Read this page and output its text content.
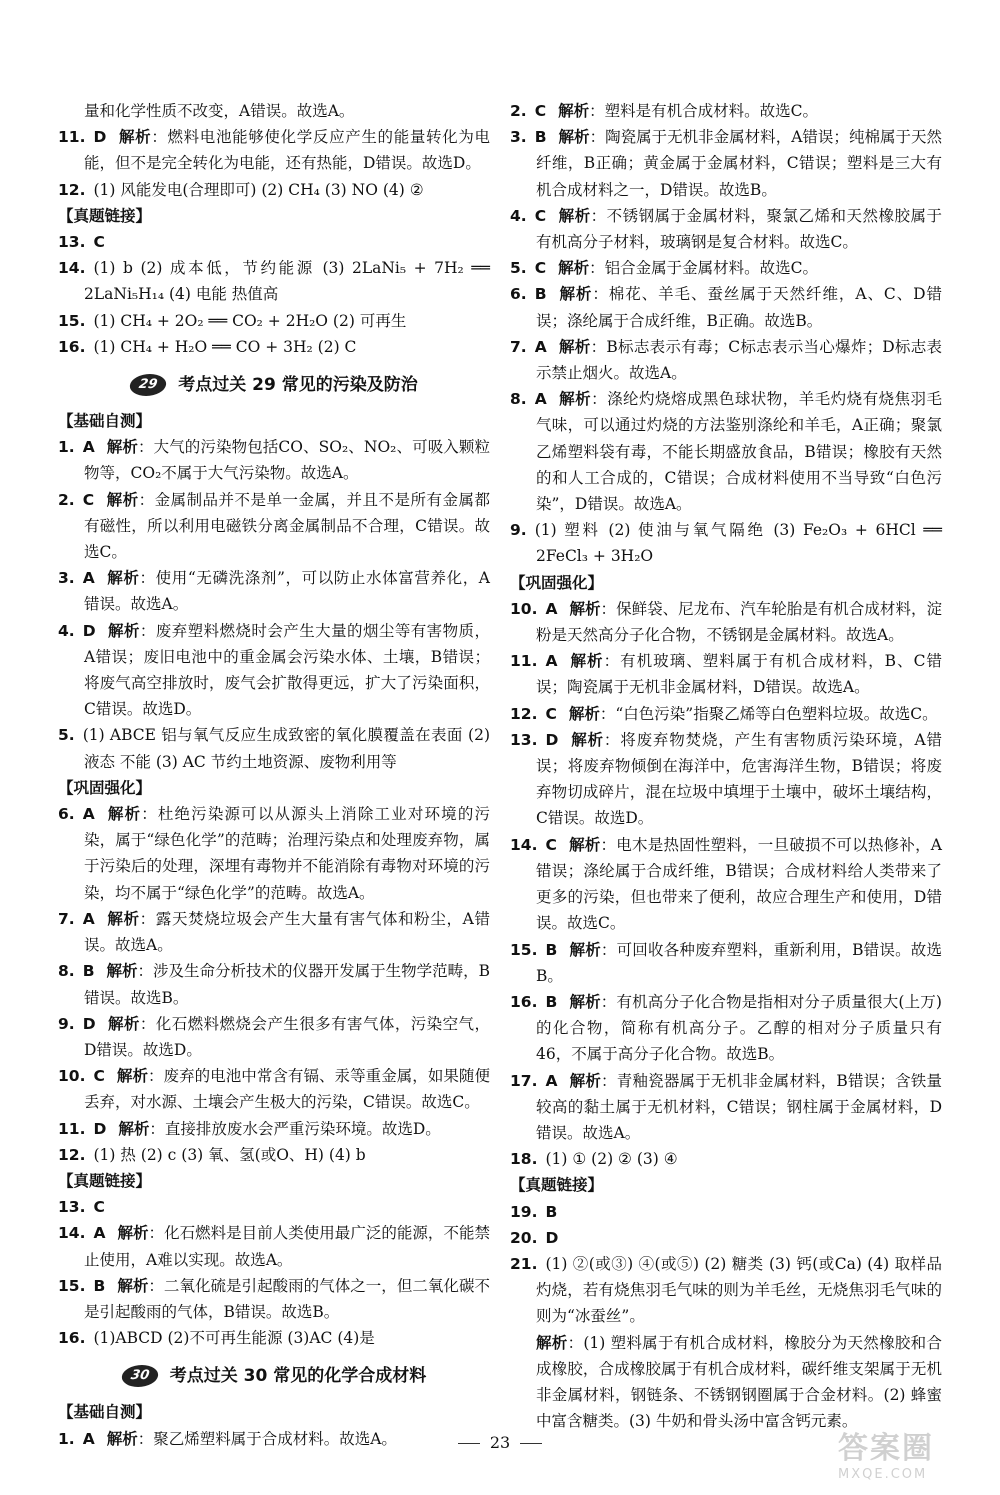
量和化学性质不改变，A错误。故选A。

11. D 解析：燃料电池能够使化学反应产生的能量转化为电能，但不是完全转化为电能，还有热能，D错误。故选D。

12. (1) 风能发电(合理即可) (2) CH₄ (3) NO (4) ②

【真题链接】

13. C

14. (1) b (2) 成本低，节约能源 (3) 2LaNi₅ + 7H₂ ══ 2LaNi₅H₁₄ (4) 电能 热值高

15. (1) CH₄ + 2O₂ ══ CO₂ + 2H₂O (2) 可再生

16. (1) CH₄ + H₂O ══ CO + 3H₂ (2) C

29	考点过关 29 常见的污染及防治

【基础自测】

1. A 解析：大气的污染物包括CO、SO₂、NO₂、可吸入颗粒物等，CO₂不属于大气污染物。故选A。

2. C 解析：金属制品并不是单一金属，并且不是所有金属都有磁性，所以利用电磁铁分离金属制品不合理，C错误。故选C。

3. A 解析：使用“无磷洗涤剂”，可以防止水体富营养化，A错误。故选A。

4. D 解析：废弃塑料燃烧时会产生大量的烟尘等有害物质，A错误；废旧电池中的重金属会污染水体、土壤，B错误；将废气高空排放时，废气会扩散得更远，扩大了污染面积，C错误。故选D。

5. (1) ABCE 铝与氧气反应生成致密的氧化膜覆盖在表面 (2) 液态 不能 (3) AC 节约土地资源、废物利用等

【巩固强化】

6. A 解析：杜绝污染源可以从源头上消除工业对环境的污染，属于“绿色化学”的范畴；治理污染点和处理废弃物，属于污染后的处理，深埋有毒物并不能消除有毒物对环境的污染，均不属于“绿色化学”的范畴。故选A。

7. A 解析：露天焚烧垃圾会产生大量有害气体和粉尘，A错误。故选A。

8. B 解析：涉及生命分析技术的仪器开发属于生物学范畴，B错误。故选B。

9. D 解析：化石燃料燃烧会产生很多有害气体，污染空气，D错误。故选D。

10. C 解析：废弃的电池中常含有镉、汞等重金属，如果随便丢弃，对水源、土壤会产生极大的污染，C错误。故选C。

11. D 解析：直接排放废水会严重污染环境。故选D。

12. (1) 热 (2) c (3) 氧、氢(或O、H) (4) b

【真题链接】

13. C

14. A 解析：化石燃料是目前人类使用最广泛的能源，不能禁止使用，A难以实现。故选A。

15. B 解析：二氧化硫是引起酸雨的气体之一，但二氧化碳不是引起酸雨的气体，B错误。故选B。

16. (1)ABCD (2)不可再生能源 (3)AC (4)是

30	考点过关 30 常见的化学合成材料

【基础自测】

1. A 解析：聚乙烯塑料属于合成材料。故选A。

2. C 解析：塑料是有机合成材料。故选C。

3. B 解析：陶瓷属于无机非金属材料，A错误；纯棉属于天然纤维，B正确；黄金属于金属材料，C错误；塑料是三大有机合成材料之一，D错误。故选B。

4. C 解析：不锈钢属于金属材料，聚氯乙烯和天然橡胶属于有机高分子材料，玻璃钢是复合材料。故选C。

5. C 解析：铝合金属于金属材料。故选C。

6. B 解析：棉花、羊毛、蚕丝属于天然纤维，A、C、D错误；涤纶属于合成纤维，B正确。故选B。

7. A 解析：B标志表示有毒；C标志表示当心爆炸；D标志表示禁止烟火。故选A。

8. A 解析：涤纶灼烧熔成黑色球状物，羊毛灼烧有烧焦羽毛气味，可以通过灼烧的方法鉴别涤纶和羊毛，A正确；聚氯乙烯塑料袋有毒，不能长期盛放食品，B错误；橡胶有天然的和人工合成的，C错误；合成材料使用不当导致“白色污染”，D错误。故选A。

9. (1) 塑料 (2) 使油与氧气隔绝 (3) Fe₂O₃ + 6HCl ══ 2FeCl₃ + 3H₂O

【巩固强化】

10. A 解析：保鲜袋、尼龙布、汽车轮胎是有机合成材料，淀粉是天然高分子化合物，不锈钢是金属材料。故选A。

11. A 解析：有机玻璃、塑料属于有机合成材料，B、C错误；陶瓷属于无机非金属材料，D错误。故选A。

12. C 解析：“白色污染”指聚乙烯等白色塑料垃圾。故选C。

13. D 解析：将废弃物焚烧，产生有害物质污染环境，A错误；将废弃物倾倒在海洋中，危害海洋生物，B错误；将废弃物切成碎片，混在垃圾中填埋于土壤中，破坏土壤结构，C错误。故选D。

14. C 解析：电木是热固性塑料，一旦破损不可以热修补，A错误；涤纶属于合成纤维，B错误；合成材料给人类带来了更多的污染，但也带来了便利，故应合理生产和使用，D错误。故选C。

15. B 解析：可回收各种废弃塑料，重新利用，B错误。故选B。

16. B 解析：有机高分子化合物是指相对分子质量很大(上万)的化合物，简称有机高分子。乙醇的相对分子质量只有46，不属于高分子化合物。故选B。

17. A 解析：青釉瓷器属于无机非金属材料，B错误；含铁量较高的黏土属于无机材料，C错误；钢柱属于金属材料，D错误。故选A。

18. (1) ① (2) ② (3) ④

【真题链接】

19. B

20. D

21. (1) ②(或③) ④(或⑤) (2) 糖类 (3) 钙(或Ca) (4) 取样品灼烧，若有烧焦羽毛气味的则为羊毛丝，无烧焦羽毛气味的则为“冰蚕丝”。

解析：(1) 塑料属于有机合成材料，橡胶分为天然橡胶和合成橡胶，合成橡胶属于有机合成材料，碳纤维支架属于无机非金属材料，钢链条、不锈钢钢圈属于合金材料。(2) 蜂蜜中富含糖类。(3) 牛奶和骨头汤中富含钙元素。

23	答案圈
MXQE.COM
